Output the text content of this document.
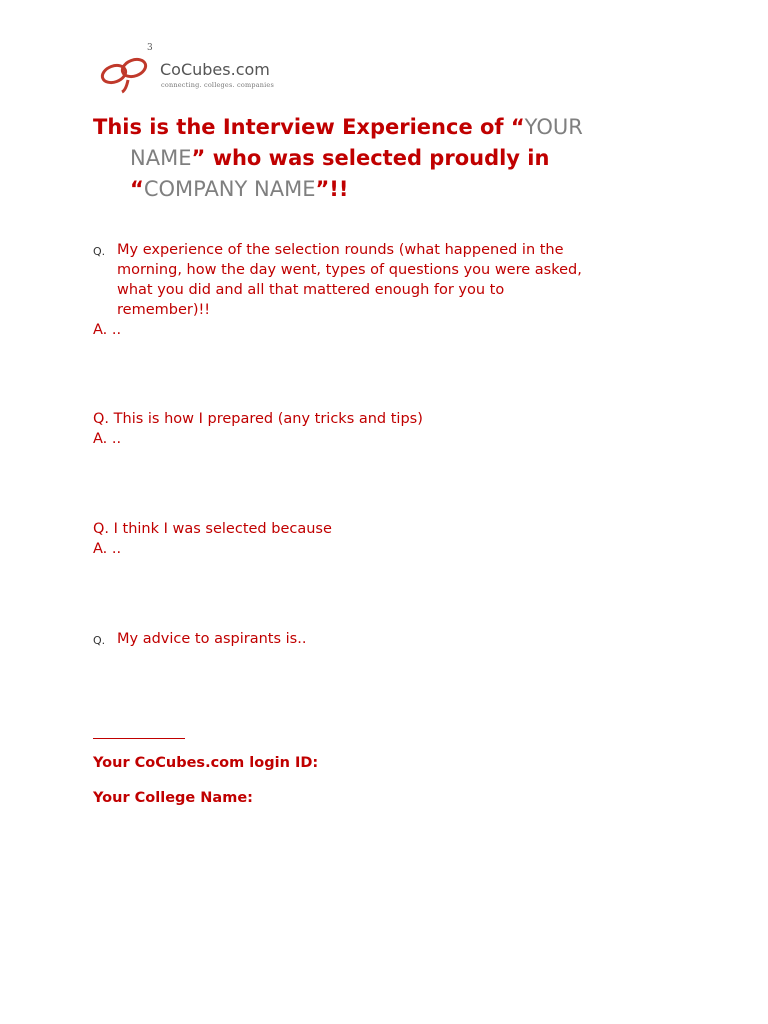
3
CoCubes.com
connecting. colleges. companies
This is the Interview Experience of “YOUR
NAME” who was selected proudly in
“COMPANY NAME”!!
Q. My experience of the selection rounds (what happened in the
morning, how the day went, types of questions you were asked,
what you did and all that mattered enough for you to
remember)!!
A. ..
Q. This is how I prepared (any tricks and tips)
A. ..
Q. I think I was selected because
A. ..
Q. My advice to aspirants is..
Your CoCubes.com login ID:
Your College Name:
